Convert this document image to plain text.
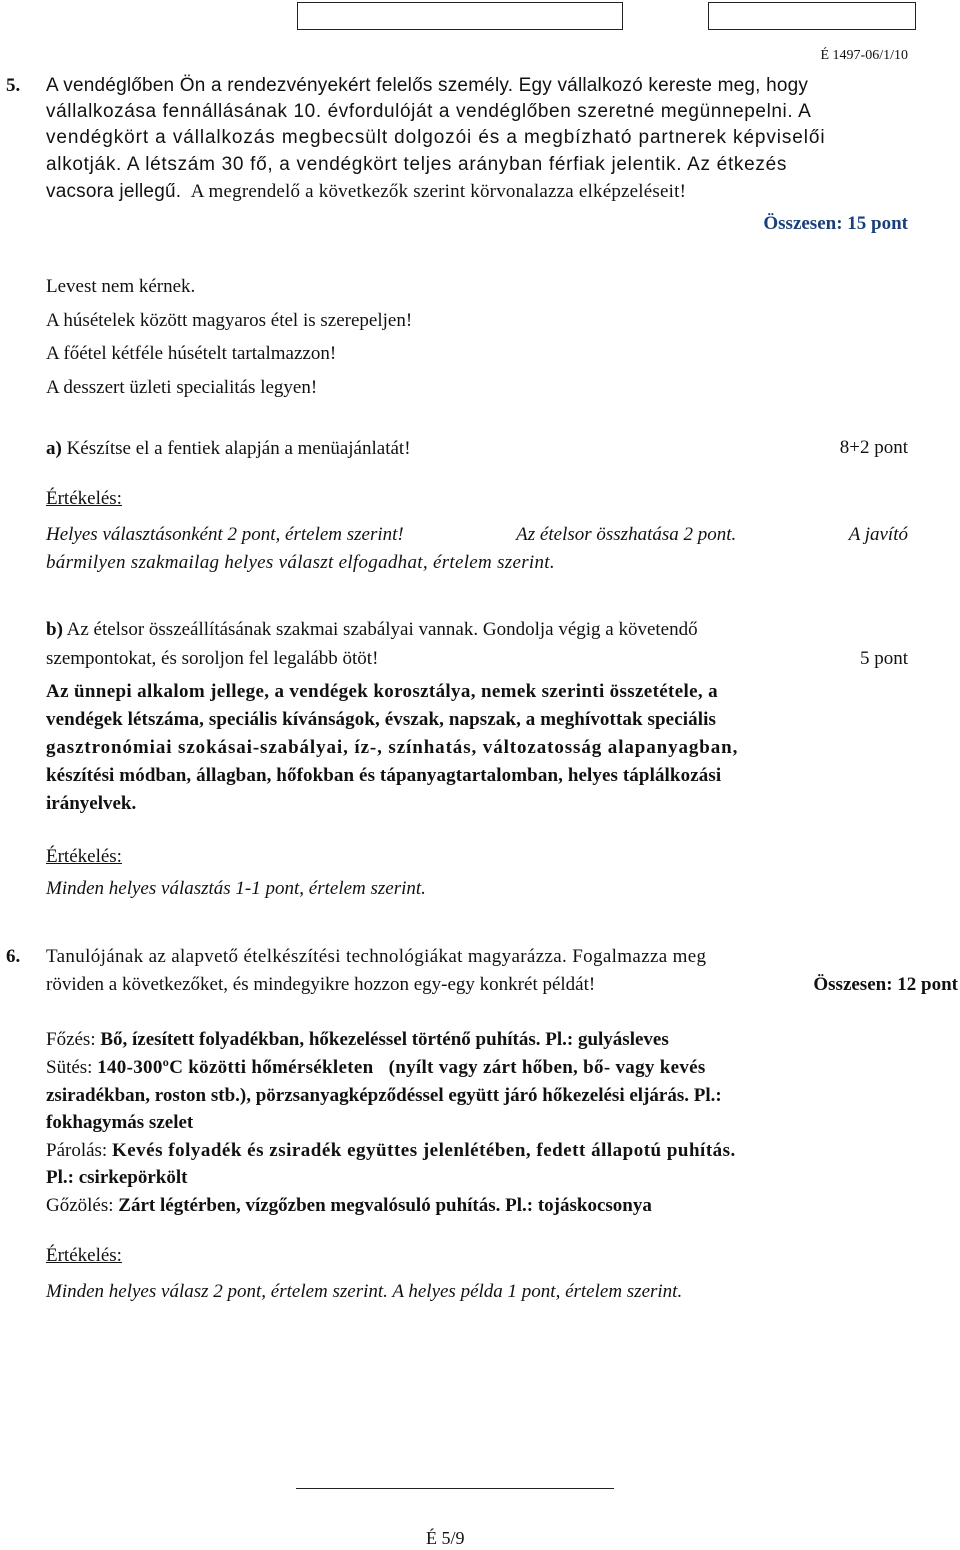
É 1497-06/1/10
5. A vendéglőben Ön a rendezvényekért felelős személy. Egy vállalkozó kereste meg, hogy
vállalkozása fennállásának 10. évfordulóját a vendéglőben szeretné megünnepelni. A
vendégkört a vállalkozás megbecsült dolgozói és a megbízható partnerek képviselői
alkotják. A létszám 30 fő, a vendégkört teljes arányban férfiak jelentik. Az étkezés
vacsora jellegű. A megrendelő a következők szerint körvonalazza elképzeléseit!
Összesen: 15 pont
Levest nem kérnek.
A húsételek között magyaros étel is szerepeljen!
A főétel kétféle húsételt tartalmazzon!
A desszert üzleti specialitás legyen!
a) Készítse el a fentiek alapján a menüajánlatát!	8+2 pont
Értékelés:
Helyes választásonként 2 pont, értelem szerint!	Az ételsor összhatása 2 pont.	A javító
bármilyen szakmailag helyes választ elfogadhat, értelem szerint.
b) Az ételsor összeállításának szakmai szabályai vannak. Gondolja végig a követendő
szempontokat, és soroljon fel legalább ötöt!	5 pont
Az ünnepi alkalom jellege, a vendégek korosztálya, nemek szerinti összetétele, a
vendégek létszáma, speciális kívánságok, évszak, napszak, a meghívottak speciális
gasztronómiai szokásai-szabályai, íz-, színhatás, változatosság alapanyagban,
készítési módban, állagban, hőfokban és tápanyagtartalomban, helyes táplálkozási
irányelvek.
Értékelés:
Minden helyes választás 1-1 pont, értelem szerint.
6. Tanulójának az alapvető ételkészítési technológiákat magyarázza. Fogalmazza meg
röviden a következőket, és mindegyikre hozzon egy-egy konkrét példát!	Összesen: 12 pont
Főzés: Bő, ízesített folyadékban, hőkezeléssel történő puhítás. Pl.: gulyásleves
Sütés: 140-300ºC közötti hőmérsékleten   (nyílt vagy zárt hőben, bő- vagy kevés
zsiradékban, roston stb.), pörzsanyagképződéssel együtt járó hőkezelési eljárás. Pl.:
fokhagymás szelet
Párolás: Kevés folyadék és zsiradék együttes jelenlétében, fedett állapotú puhítás.
Pl.: csirkepörkölt
Gőzölés: Zárt légtérben, vízgőzben megvalósuló puhítás. Pl.: tojáskocsonya
Értékelés:
Minden helyes válasz 2 pont, értelem szerint. A helyes példa 1 pont, értelem szerint.
É 5/9
